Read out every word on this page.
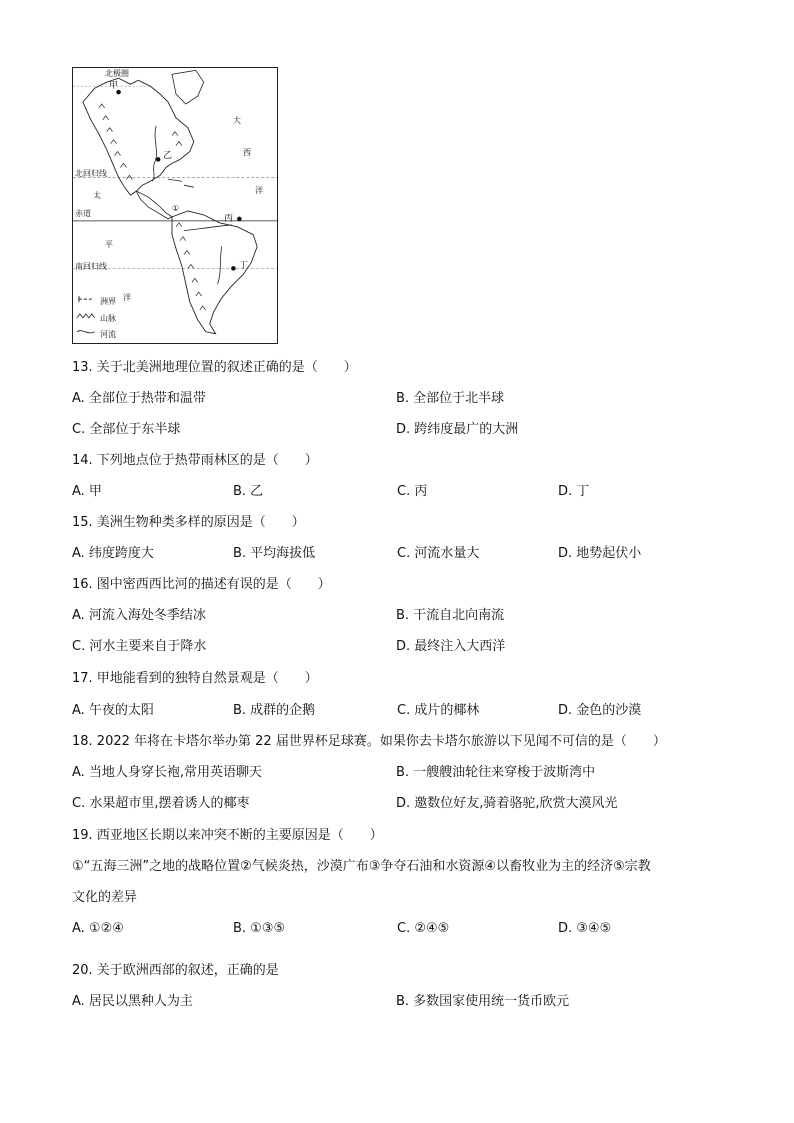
北极圈
甲
乙
丙
丁
北回归线
赤道
南回归线
大
西
洋
太
平
洋
①
洲界
山脉
河流
13. 关于北美洲地理位置的叙述正确的是（　　）
A. 全部位于热带和温带	B. 全部位于北半球
C. 全部位于东半球	D. 跨纬度最广的大洲
14. 下列地点位于热带雨林区的是（　　）
A. 甲	B. 乙	C. 丙	D. 丁
15. 美洲生物种类多样的原因是（　　）
A. 纬度跨度大	B. 平均海拔低	C. 河流水量大	D. 地势起伏小
16. 图中密西西比河的描述有误的是（　　）
A. 河流入海处冬季结冰	B. 干流自北向南流
C. 河水主要来自于降水	D. 最终注入大西洋
17. 甲地能看到的独特自然景观是（　　）
A. 午夜的太阳	B. 成群的企鹅	C. 成片的椰林	D. 金色的沙漠
18. 2022 年将在卡塔尔举办第 22 届世界杯足球赛。如果你去卡塔尔旅游以下见闻不可信的是（　　）
A. 当地人身穿长袍,常用英语聊天	B. 一艘艘油轮往来穿梭于波斯湾中
C. 水果超市里,摆着诱人的椰枣	D. 邀数位好友,骑着骆驼,欣赏大漠风光
19. 西亚地区长期以来冲突不断的主要原因是（　　）
①“五海三洲”之地的战略位置②气候炎热，沙漠广布③争夺石油和水资源④以畜牧业为主的经济⑤宗教
文化的差异
A. ①②④	B. ①③⑤	C. ②④⑤	D. ③④⑤
20. 关于欧洲西部的叙述，正确的是
A. 居民以黑种人为主	B. 多数国家使用统一货币欧元
